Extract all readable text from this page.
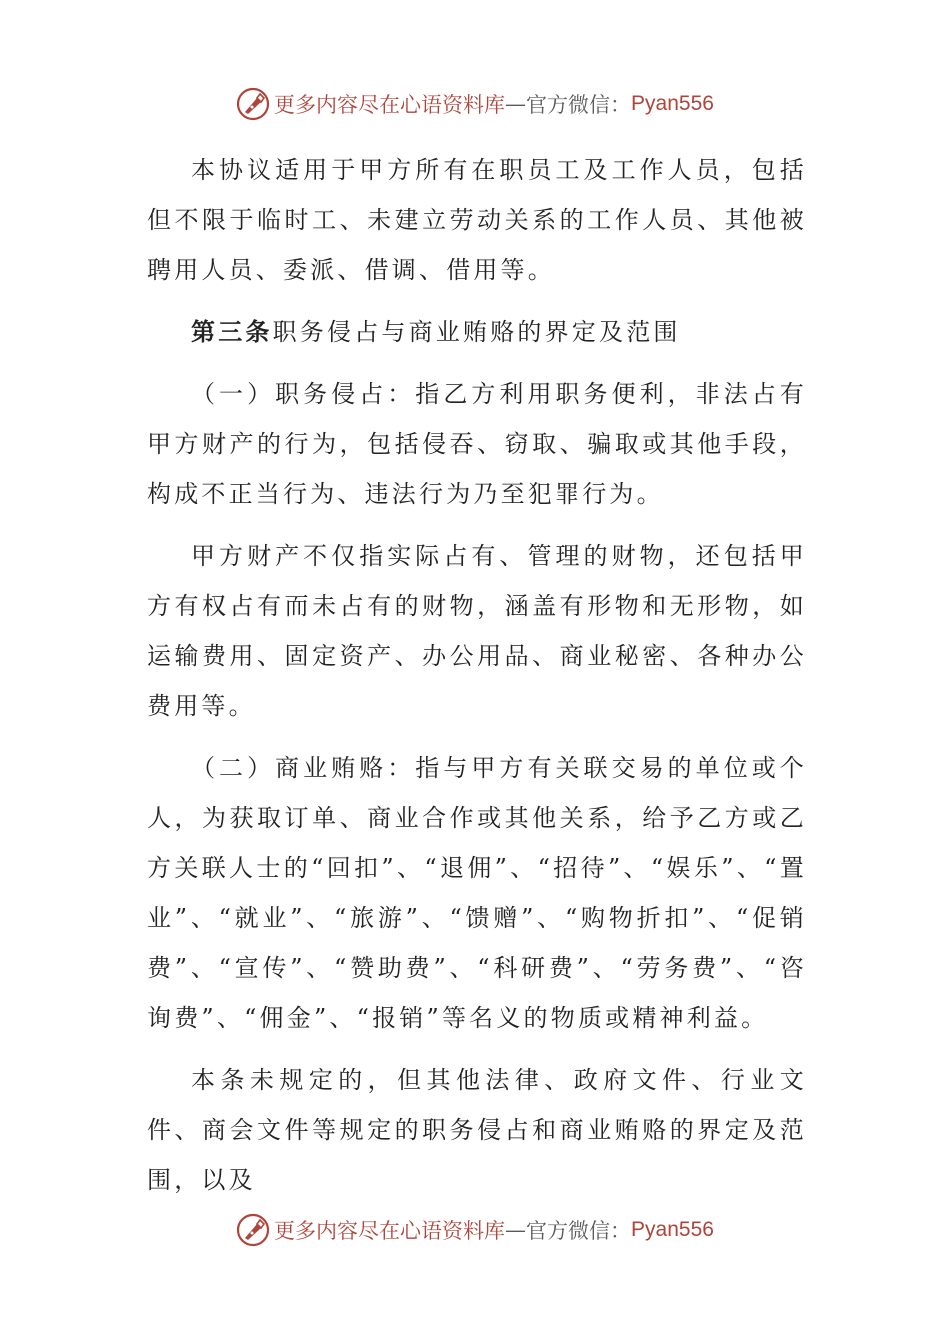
更多内容尽在心语资料库 — 官方微信： Pyan556

本协议适用于甲方所有在职员工及工作人员，包括但不限于临时工、未建立劳动关系的工作人员、其他被聘用人员、委派、借调、借用等。

第三条职务侵占与商业贿赂的界定及范围

（一）职务侵占：指乙方利用职务便利，非法占有甲方财产的行为，包括侵吞、窃取、骗取或其他手段，构成不正当行为、违法行为乃至犯罪行为。

甲方财产不仅指实际占有、管理的财物，还包括甲方有权占有而未占有的财物，涵盖有形物和无形物，如运输费用、固定资产、办公用品、商业秘密、各种办公费用等。

（二）商业贿赂：指与甲方有关联交易的单位或个人，为获取订单、商业合作或其他关系，给予乙方或乙方关联人士的“回扣”、“退佣”、“招待”、“娱乐”、“置业”、“就业”、“旅游”、“馈赠”、“购物折扣”、“促销费”、“宣传”、“赞助费”、“科研费”、“劳务费”、“咨询费”、“佣金”、“报销”等名义的物质或精神利益。

本条未规定的，但其他法律、政府文件、行业文件、商会文件等规定的职务侵占和商业贿赂的界定及范围，以及

更多内容尽在心语资料库 — 官方微信： Pyan556
